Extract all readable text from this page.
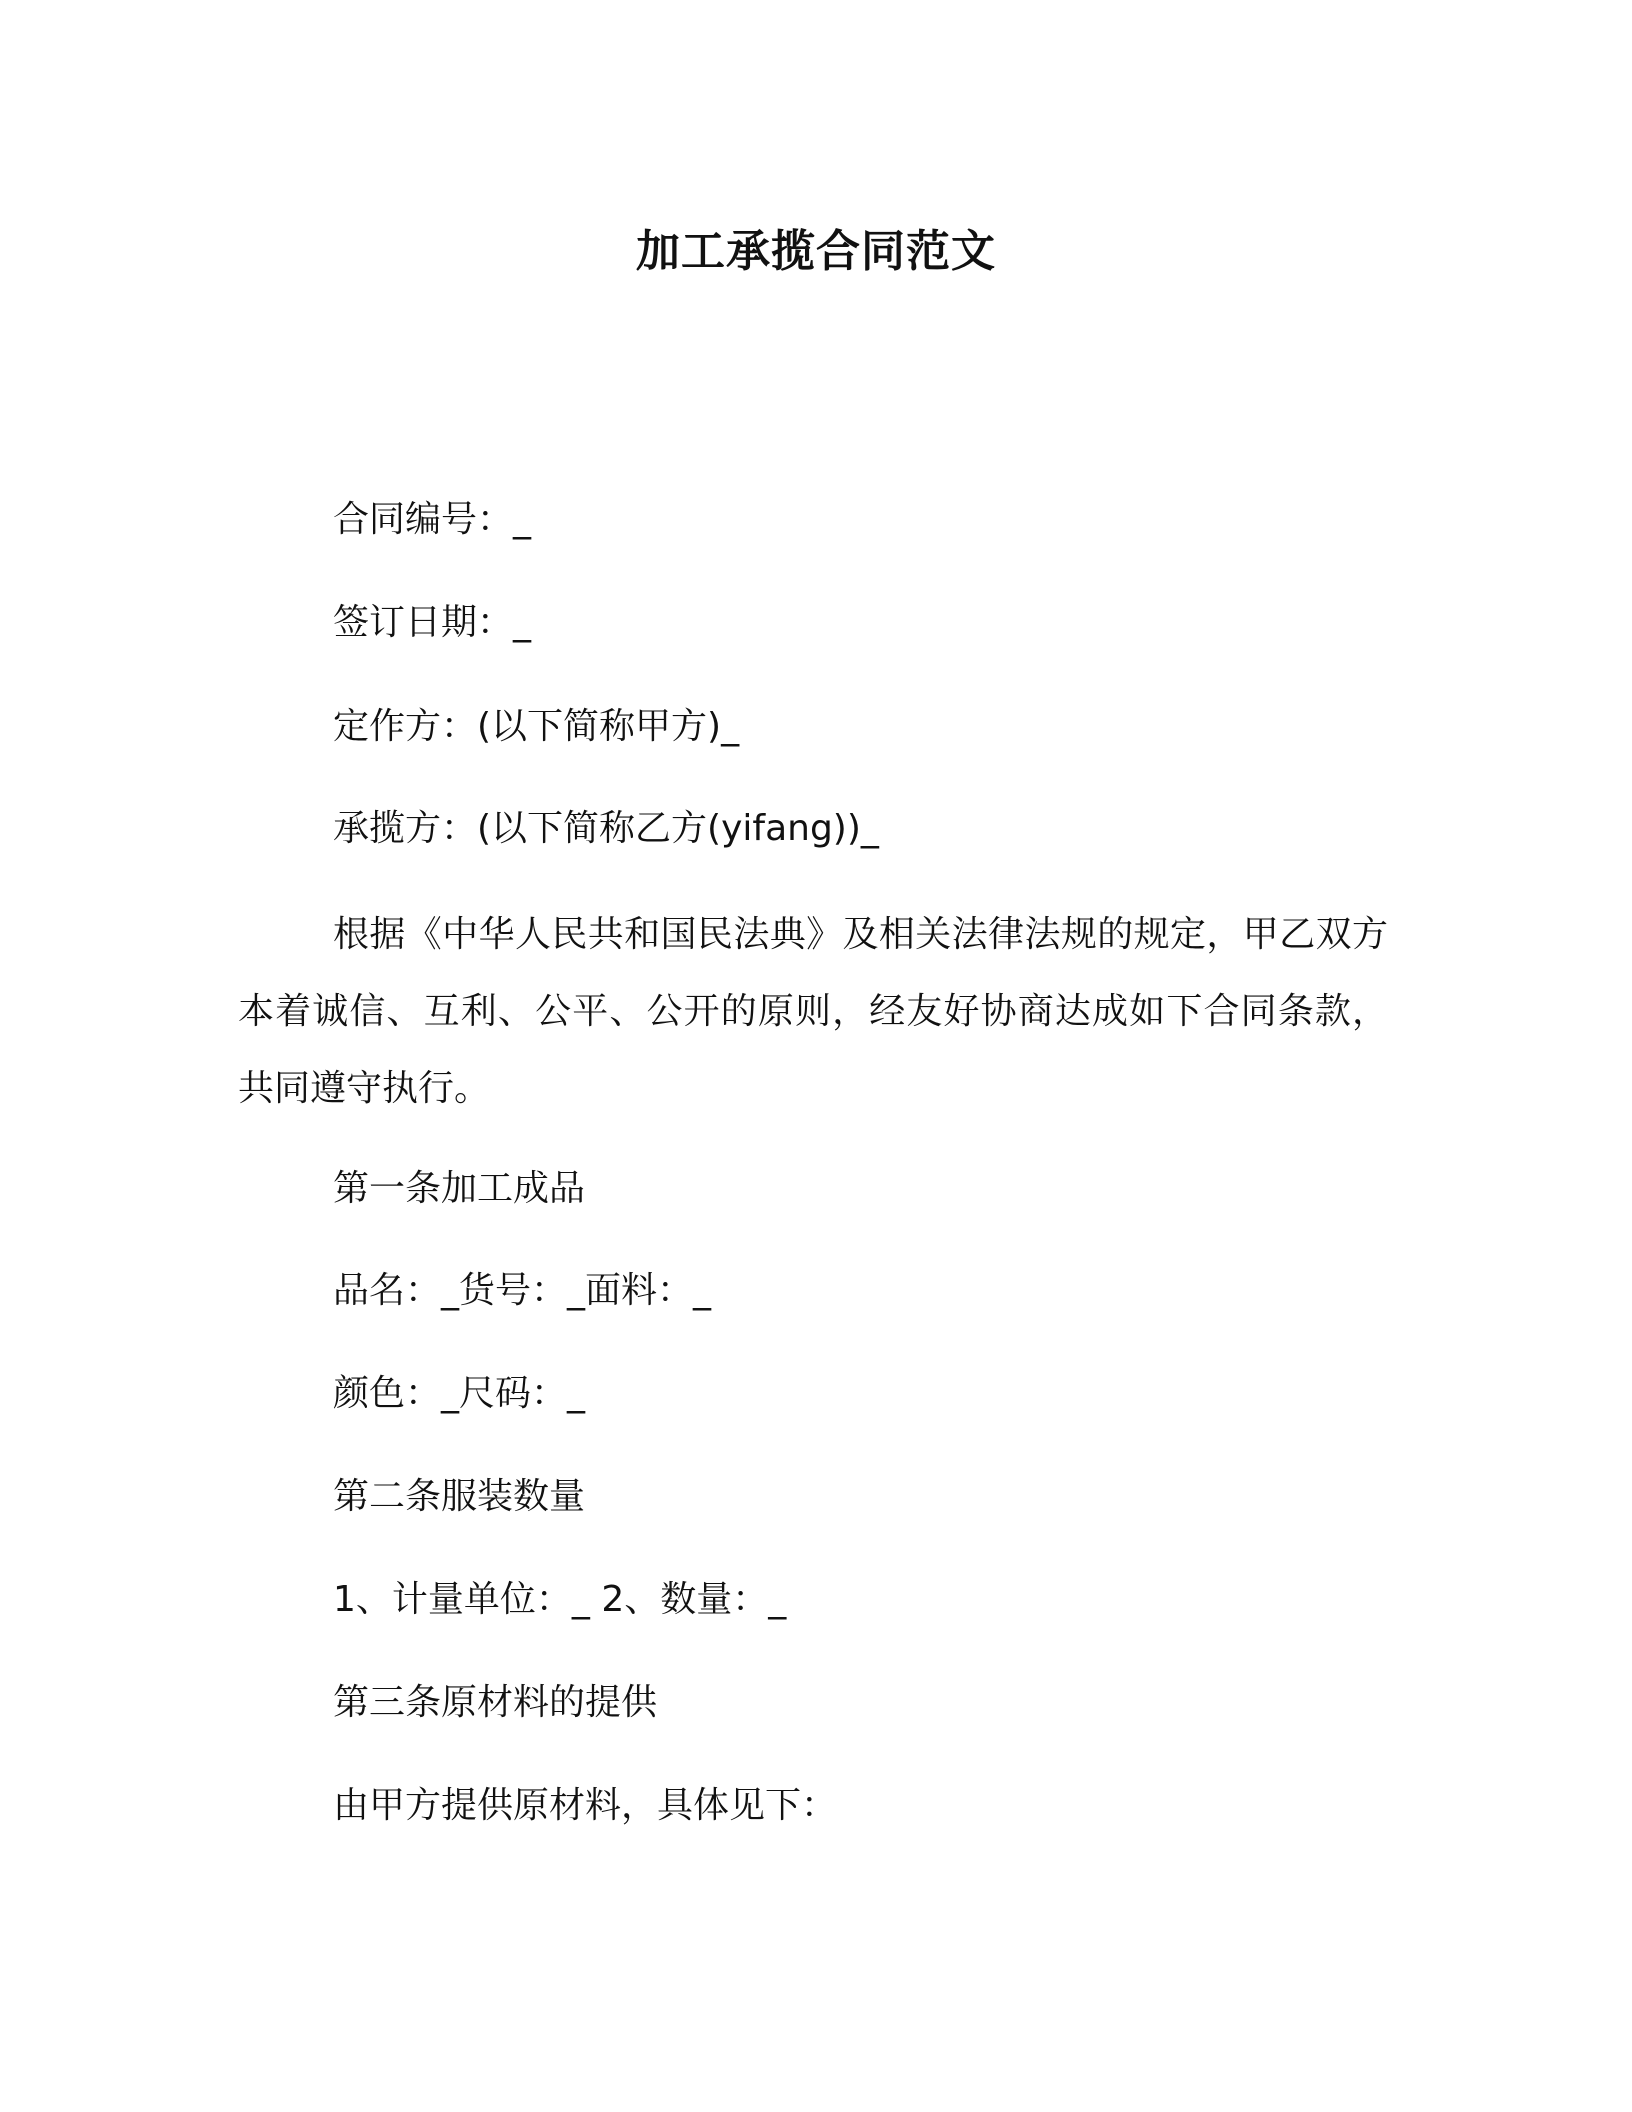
加工承揽合同范文

合同编号：_

签订日期：_

定作方：(以下简称甲方)_

承揽方：(以下简称乙方(yifang))_

根据《中华人民共和国民法典》及相关法律法规的规定，甲乙双方本着诚信、互利、公平、公开的原则，经友好协商达成如下合同条款，共同遵守执行。

第一条加工成品

品名：_货号：_面料：_

颜色：_尺码：_

第二条服装数量

1、计量单位：_ 2、数量：_

第三条原材料的提供

由甲方提供原材料，具体见下：
